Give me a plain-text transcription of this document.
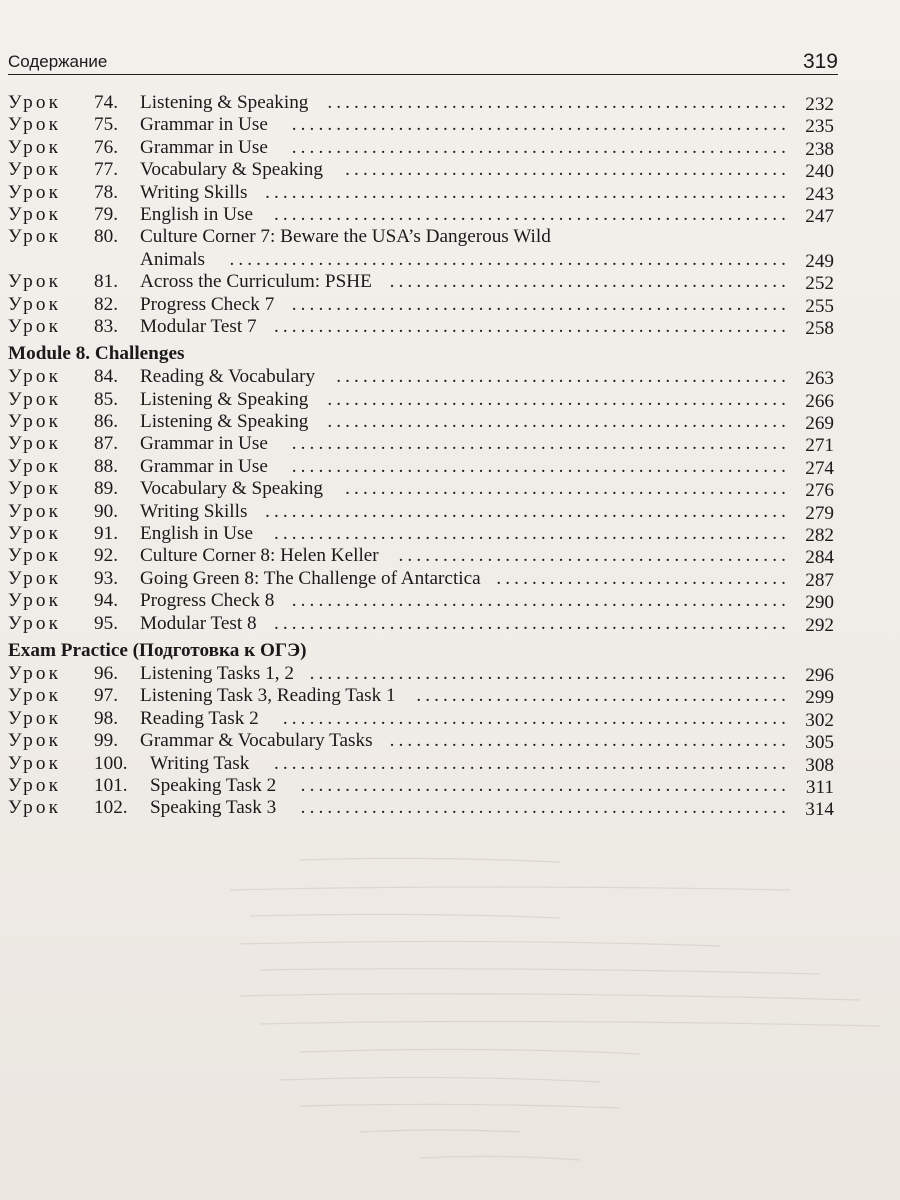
Содержание	319
Урок 74. Listening & Speaking .................................................... 232
Урок 75. Grammar in Use	........................................................ 235
Урок 76. Grammar in Use	........................................................ 238
Урок 77. Vocabulary & Speaking	.................................................. 240
Урок 78. Writing Skills ........................................................... 243
Урок 79. English in Use	.......................................................... 247
Урок 80. Culture Corner 7: Beware the USA’s Dangerous Wild
Animals	............................................................... 249
Урок 81. Across the Curriculum: PSHE ............................................. 252
Урок 82. Progress Check 7 ........................................................ 255
Урок 83. Modular Test 7 .......................................................... 258
Module 8. Challenges
Урок 84. Reading & Vocabulary	................................................... 263
Урок 85. Listening & Speaking .................................................... 266
Урок 86. Listening & Speaking .................................................... 269
Урок 87. Grammar in Use	........................................................ 271
Урок 88. Grammar in Use	........................................................ 274
Урок 89. Vocabulary & Speaking	.................................................. 276
Урок 90. Writing Skills ........................................................... 279
Урок 91. English in Use	.......................................................... 282
Урок 92. Culture Corner 8: Helen Keller	............................................ 284
Урок 93. Going Green 8: The Challenge of Antarctica ................................. 287
Урок 94. Progress Check 8 ........................................................ 290
Урок 95. Modular Test 8 .......................................................... 292
Exam Practice (Подготовка к ОГЭ)
Урок 96. Listening Tasks 1, 2 ...................................................... 296
Урок 97. Listening Task 3, Reading Task 1	.......................................... 299
Урок 98. Reading Task 2	......................................................... 302
Урок 99. Grammar & Vocabulary Tasks ............................................. 305
Урок 100. Writing Task	.......................................................... 308
Урок 101. Speaking Task 2	....................................................... 311
Урок 102. Speaking Task 3	....................................................... 314
